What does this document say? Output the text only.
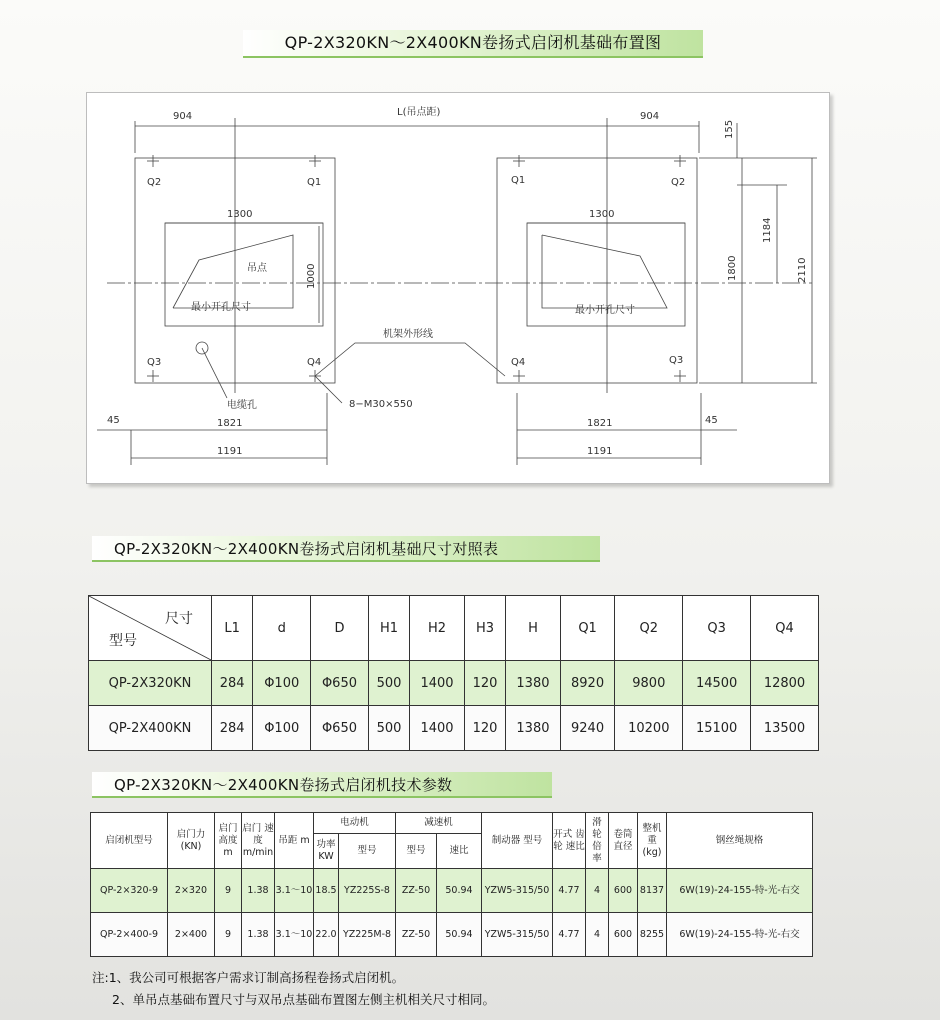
QP-2X320KN～2X400KN卷扬式启闭机基础布置图
904	L(吊点距)	904
155
1184
1800	2110
1300	1300
1000
1821	1821
1191	1191
45	45
Q2	Q1
Q3	Q4
Q1	Q2
Q4	Q3
吊点
最小开孔尺寸	最小开孔尺寸
机架外形线
电缆孔	8−M30×550
QP-2X320KN～2X400KN卷扬式启闭机基础尺寸对照表
尺寸
型号	L1	d	D	H1	H2	H3	H	Q1	Q2	Q3	Q4
QP-2X320KN	284	Φ100	Φ650	500	1400	120	1380	8920	9800	14500	12800
QP-2X400KN	284	Φ100	Φ650	500	1400	120	1380	9240	10200	15100	13500
QP-2X320KN～2X400KN卷扬式启闭机技术参数
启闭机型号	启门力 (KN)	启门 高度 m	启门 速度 m/min	吊距 m	电动机		减速机		制动器 型号	开式 齿轮 速比	滑 轮 倍 率	卷筒 直径	整机 重 (kg)	钢丝绳规格
					功率 KW	型号	型号	速比						
QP-2×320-9	2×320	9	1.38	3.1～10	18.5	YZ225S-8	ZZ-50	50.94	YZW5-315/50	4.77	4	600	8137	6W(19)-24-155-特-光-右交
QP-2×400-9	2×400	9	1.38	3.1～10	22.0	YZ225M-8	ZZ-50	50.94	YZW5-315/50	4.77	4	600	8255	6W(19)-24-155-特-光-右交
注:1、我公司可根据客户需求订制高扬程卷扬式启闭机。
2、单吊点基础布置尺寸与双吊点基础布置图左侧主机相关尺寸相同。
